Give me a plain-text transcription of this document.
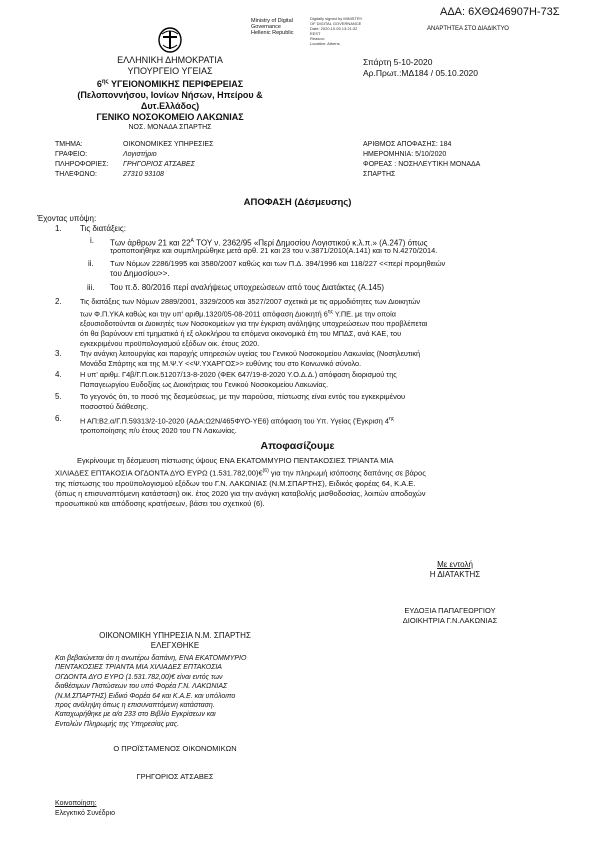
ΑΔΑ: 6ΧΘΩ46907Η-73Σ
ΑΝΑΡΤΗΤΕΑ ΣΤΟ ΔΙΑΔΙΚΤΥΟ
Ministry of Digital
Governance
Hellenic Republic
Digitally signed by MINISTRY
OF DIGITAL GOVERNANCE
Date: 2020.10.05 13:21:32
EEST
Reason:
Location: Athens
ΕΛΛΗΝΙΚΗ ΔΗΜΟΚΡΑΤΙΑ
ΥΠΟΥΡΓΕΙΟ ΥΓΕΙΑΣ
$6^{\eta\varsigma}$ ΥΓΕΙΟΝΟΜΙΚΗΣ ΠΕΡΙΦΕΡΕΙΑΣ
(Πελοποννήσου, Ιονίων Νήσων, Ηπείρου &
Δυτ.Ελλάδος)
ΓΕΝΙΚΟ ΝΟΣΟΚΟΜΕΙΟ ΛΑΚΩΝΙΑΣ
ΝΟΣ. ΜΟΝΑΔΑ ΣΠΑΡΤΗΣ
Σπάρτη 5-10-2020
Αρ.Πρωτ.:ΜΔ184 / 05.10.2020
ΤΜΗΜΑ:	ΟΙΚΟΝΟΜΙΚΕΣ ΥΠΗΡΕΣΙΕΣ
ΓΡΑΦΕΙΟ:	Λογιστήριο
ΠΛΗΡΟΦΟΡΙΕΣ:	ΓΡΗΓΟΡΙΟΣ ΑΤΣΑΒΕΣ
ΤΗΛΕΦΩΝΟ:	27310 93108
ΑΡΙΘΜΟΣ ΑΠΟΦΑΣΗΣ: 184
ΗΜΕΡΟΜΗΝΙΑ: 5/10/2020
ΦΟΡΕΑΣ : ΝΟΣΗΛΕΥΤΙΚΗ ΜΟΝΑΔΑ
ΣΠΑΡΤΗΣ
ΑΠΟΦΑΣΗ (Δέσμευσης)
Έχοντας υπόψη:
1. Τις διατάξεις:
i. Των άρθρων 21 και $22^A$ ΤΟΥ ν. 2362/95 «Περί Δημοσίου Λογιστικού κ.λ.π.» (Α.247) όπως
τροποποιήθηκε και συμπληρώθηκε μετά αρθ. 21 και 23 του ν.3871/2010(Α.141) και το Ν.4270/2014.
ii. Των Νόμων 2286/1995 και 3580/2007 καθώς και των Π.Δ. 394/1996 και 118/227 <<περί προμηθειών
του Δημοσίου>>.
iii. Του π.δ. 80/2016 περί αναλήψεως υποχρεώσεων από τους Διατάκτες (Α.145)
2.	Τις διατάξεις των Νόμων 2889/2001, 3329/2005 και 3527/2007 σχετικά με τις αρμοδιότητες των Διοικητών
των Φ.Π.ΥΚΑ καθώς και την υπ' αριθμ.1320/05-08-2011 απόφαση Διοικητή $6^{\eta\varsigma}$ Υ.ΠΕ. με την οποία
εξουσιοδοτούνται οι Διοικητές των Νοσοκομείων για την έγκριση ανάληψης υποχρεώσεων που προβλέπεται
ότι θα βαρύνουν επί τμηματικά ή εξ ολοκλήρου τα επόμενα οικονομικά έτη του ΜΠΔΣ, ανά ΚΑΕ, του
εγκεκριμένου προϋπολογισμού εξόδων οικ. έτους 2020.
3.	Την ανάγκη λειτουργίας και παροχής υπηρεσιών υγείας του Γενικού Νοσοκομείου Λακωνίας (Νοσηλευτική
Μονάδα Σπάρτης και της Μ.Ψ.Υ <<Ψ.ΥΧΑΡΓΟΣ>> ευθύνης του στο Κοινωνικό σύνολο.
4.	Η υπ' αριθμ. Γ4β/Γ.Π.οικ.51207/13-8-2020 (ΦΕΚ 647/19-8-2020 Υ.Ο.Δ.Δ.) απόφαση διορισμού της
Παπαγεωργίου Ευδοξίας ως Διοικήτριας του Γενικού Νοσοκομείου Λακωνίας.
5. Το γεγονός ότι, το ποσό της δεσμεύσεως, με την παρούσα, πίστωσης είναι εντός του εγκεκριμένου
ποσοστού διάθεσης.
6.	Η ΑΠ:Β2.α/Γ.Π.59313/2-10-2020 (ΑΔΑ:Ω2Ν/465ΦΥΟ-ΥΕ6) απόφαση του Υπ. Υγείας (Έγκριση $4^{\eta\varsigma}$
τροποποίησης π/υ έτους 2020 του ΓΝ Λακωνίας.
Αποφασίζουμε
Εγκρίνουμε τη δέσμευση πίστωσης ύψους ΕΝΑ ΕΚΑΤΟΜΜΥΡΙΟ ΠΕΝΤΑΚΟΣΙΕΣ ΤΡΙΑΝΤΑ ΜΙΑ
ΧΙΛΙΑΔΕΣ ΕΠΤΑΚΟΣΙΑ ΟΓΔΟΝΤΑ ΔΥΟ ΕΥΡΩ (1.531.782,00)€$^{(6)}$ για την πληρωμή ισόποσης δαπάνης σε βάρος
της πίστωσης του προϋπολογισμού εξόδων του Γ.Ν. ΛΑΚΩΝΙΑΣ (Ν.Μ.ΣΠΑΡΤΗΣ), Ειδικός φορέας 64, Κ.Α.Ε.
(όπως η επισυναπτόμενη κατάσταση) οικ. έτος 2020 για την ανάγκη καταβολής μισθοδοσίας, λοιπών αποδοχών
προσωπικού και απόδοσης κρατήσεων, βάσει του σχετικού (6).
Με εντολή
Η ΔΙΑΤΑΚΤΗΣ
ΕΥΔΟΞΙΑ ΠΑΠΑΓΕΩΡΓΙΟΥ
ΔΙΟΙΚΗΤΡΙΑ Γ.Ν.ΛΑΚΩΝΙΑΣ
ΟΙΚΟΝΟΜΙΚΗ ΥΠΗΡΕΣΙΑ Ν.Μ. ΣΠΑΡΤΗΣ
ΕΛΕΓΧΘΗΚΕ
Και βεβαιώνεται ότι η ανωτέρω δαπάνη, ΕΝΑ ΕΚΑΤΟΜΜΥΡΙΟ
ΠΕΝΤΑΚΟΣΙΕΣ ΤΡΙΑΝΤΑ ΜΙΑ ΧΙΛΙΑΔΕΣ ΕΠΤΑΚΟΣΙΑ
ΟΓΔΟΝΤΑ ΔΥΟ ΕΥΡΩ (1.531.782,00)€ είναι εντός των
διαθέσιμων Πιστώσεων του υπό Φορέα Γ.Ν. ΛΑΚΩΝΙΑΣ
(Ν.Μ.ΣΠΑΡΤΗΣ) Ειδικό Φορέα 64 και Κ.Α.Ε. και υπόλοιπο
προς ανάληψη όπως η επισυναπτόμενη κατάσταση.
Καταχωρήθηκε με α/α 233 στο Βιβλίο Εγκρίσεων και
Εντολών Πληρωμής της Υπηρεσίας μας.
Ο ΠΡΟΪΣΤΑΜΕΝΟΣ ΟΙΚΟΝΟΜΙΚΩΝ
ΓΡΗΓΟΡΙΟΣ ΑΤΣΑΒΕΣ
Κοινοποίηση:
Ελεγκτικό Συνέδριο
